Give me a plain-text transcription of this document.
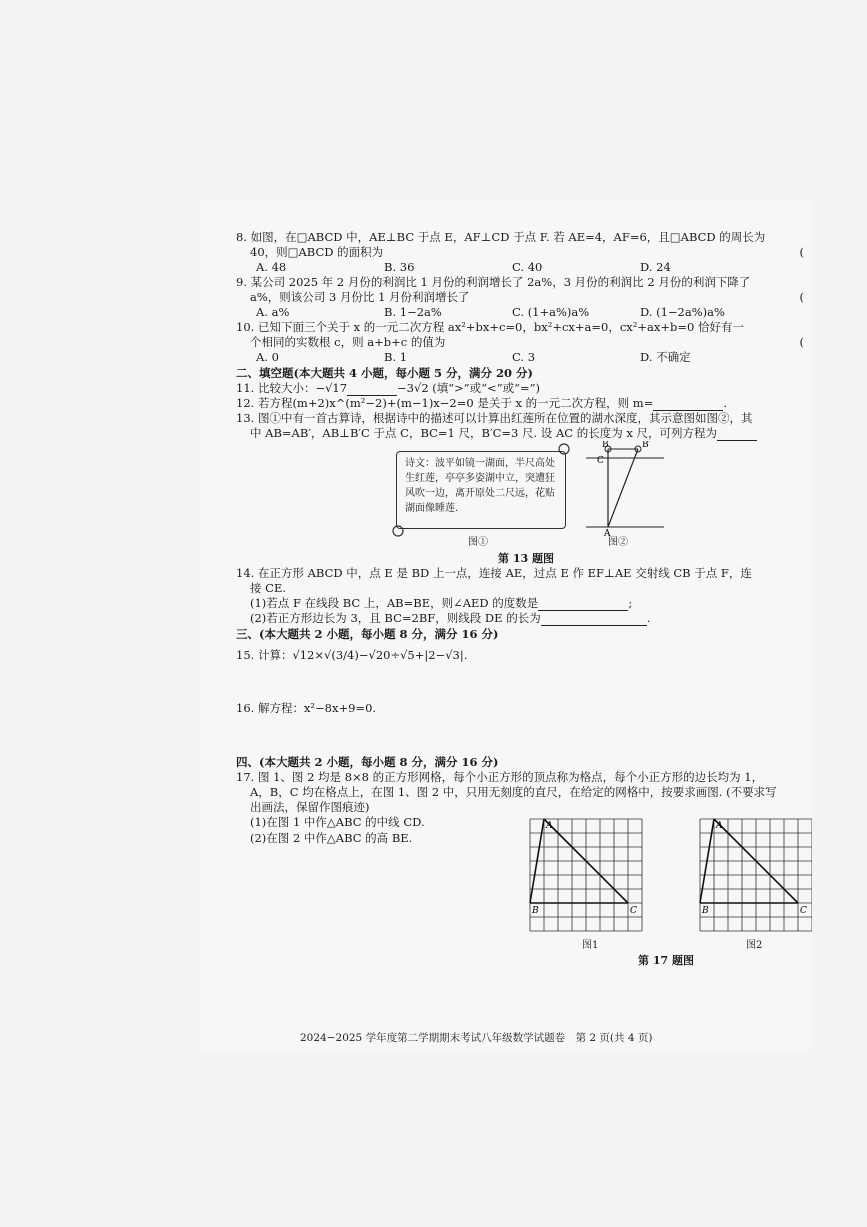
8. 如图，在□ABCD 中，AE⊥BC 于点 E，AF⊥CD 于点 F. 若 AE=4，AF=6，且□ABCD 的周长为
40，则□ABCD 的面积为	(
A. 48	B. 36	C. 40	D. 24
9. 某公司 2025 年 2 月份的利润比 1 月份的利润增长了 2a%，3 月份的利润比 2 月份的利润下降了
a%，则该公司 3 月份比 1 月份利润增长了	(
A. a%	B. 1−2a%	C. (1+a%)a%	D. (1−2a%)a%
10. 已知下面三个关于 x 的一元二次方程 ax²+bx+c=0，bx²+cx+a=0，cx²+ax+b=0 恰好有一
个相同的实数根 c，则 a+b+c 的值为	(
A. 0	B. 1	C. 3	D. 不确定
二、填空题(本大题共 4 小题，每小题 5 分，满分 20 分)
11. 比较大小：−√17	−3√2 (填“>”或“<”或“=”)
12. 若方程(m+2)x^(m²−2)+(m−1)x−2=0 是关于 x 的一元二次方程，则 m=	.
13. 图①中有一首古算诗，根据诗中的描述可以计算出红莲所在位置的湖水深度，其示意图如图②，其
中 AB=AB′，AB⊥B′C 于点 C，BC=1 尺，B′C=3 尺. 设 AC 的长度为 x 尺，可列方程为
诗文：波平如镜一湖面，半尺高处生红莲，亭亭多姿湖中立，突遭狂风吹一边，离开原处二尺远，花贴湖面像睡莲.
图①
B	B′
C
A
图②
第 13 题图
14. 在正方形 ABCD 中，点 E 是 BD 上一点，连接 AE，过点 E 作 EF⊥AE 交射线 CB 于点 F，连
接 CE.
(1)若点 F 在线段 BC 上，AB=BE，则∠AED 的度数是	;
(2)若正方形边长为 3，且 BC=2BF，则线段 DE 的长为	.
三、(本大题共 2 小题，每小题 8 分，满分 16 分)
15. 计算：√12×√(3/4)−√20÷√5+|2−√3|.
16. 解方程：x²−8x+9=0.
四、(本大题共 2 小题，每小题 8 分，满分 16 分)
17. 图 1、图 2 均是 8×8 的正方形网格，每个小正方形的顶点称为格点，每个小正方形的边长均为 1，
A，B，C 均在格点上，在图 1、图 2 中，只用无刻度的直尺，在给定的网格中，按要求画图. (不要求写
出画法，保留作图痕迹)
(1)在图 1 中作△ABC 的中线 CD.
(2)在图 2 中作△ABC 的高 BE.
A
B	C
A
B	C
图1	图2
第 17 题图
2024−2025 学年度第二学期期末考试八年级数学试题卷　第 2 页(共 4 页)
